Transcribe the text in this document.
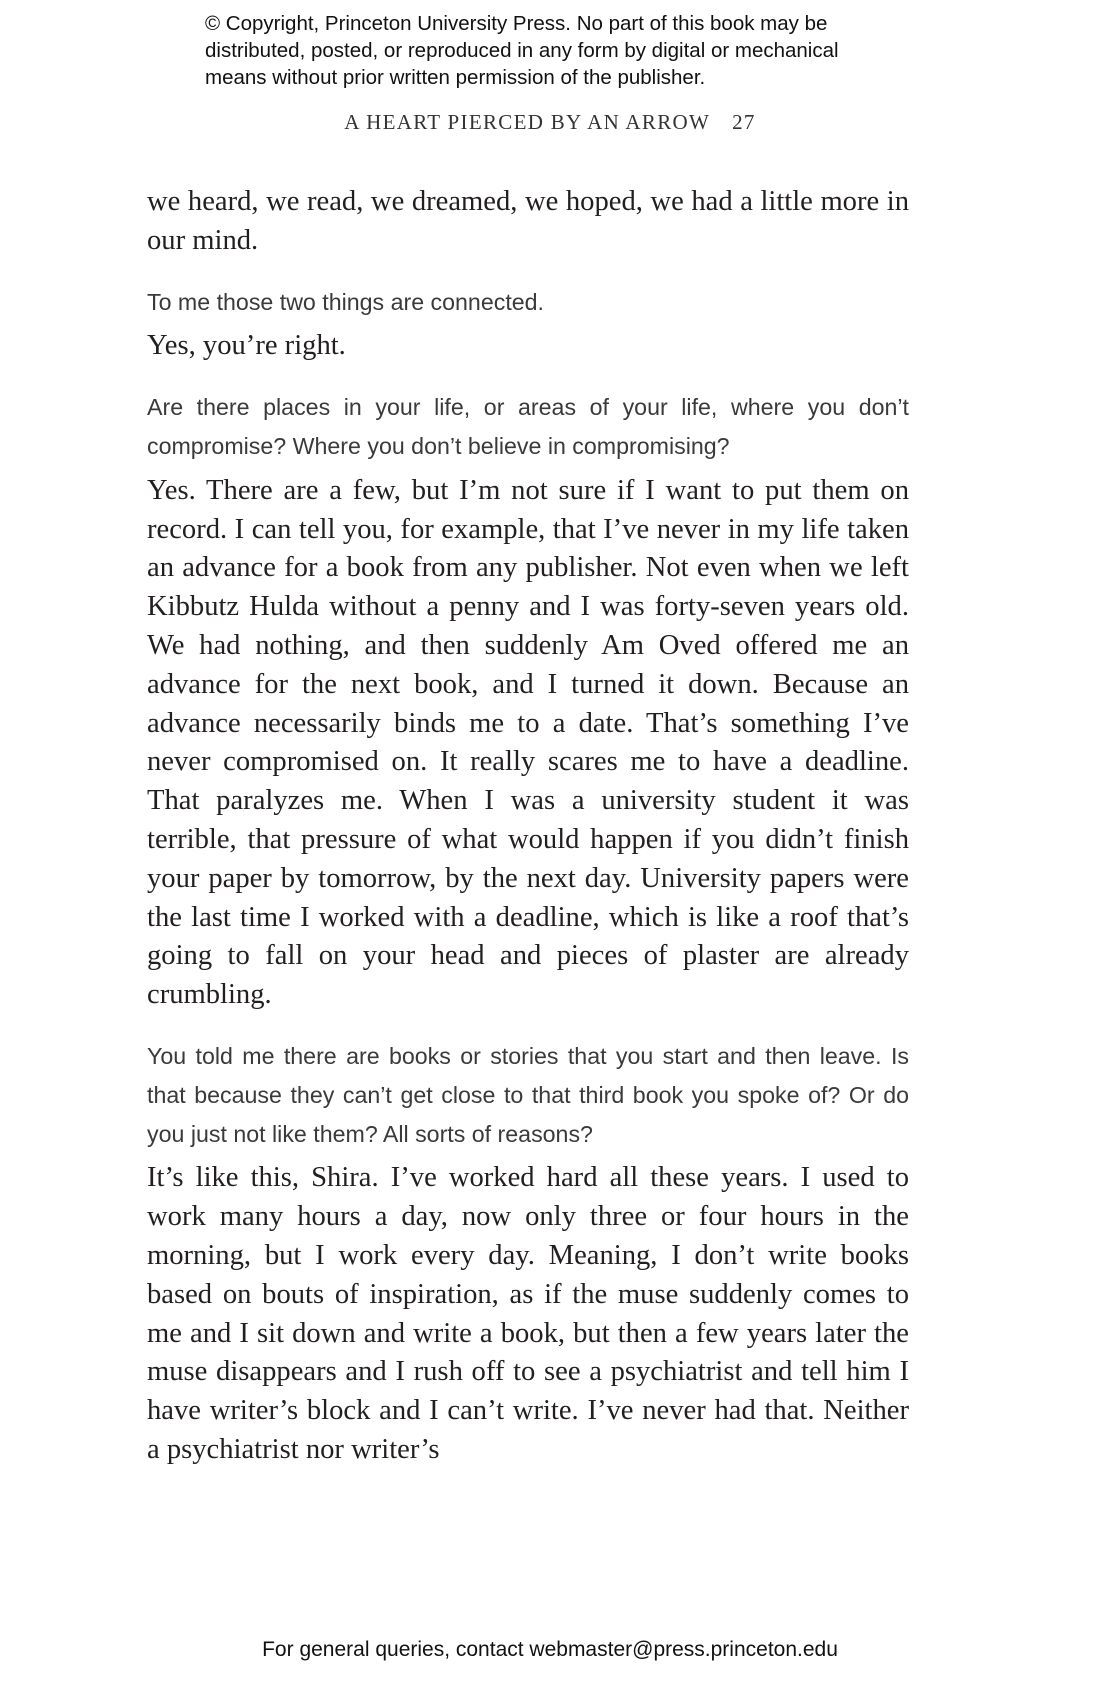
© Copyright, Princeton University Press. No part of this book may be
distributed, posted, or reproduced in any form by digital or mechanical
means without prior written permission of the publisher.
A HEART PIERCED BY AN ARROW 27

we heard, we read, we dreamed, we hoped, we had a little more in our mind.

To me those two things are connected.

Yes, you’re right.

Are there places in your life, or areas of your life, where you don’t compromise? Where you don’t believe in compromising?

Yes. There are a few, but I’m not sure if I want to put them on record. I can tell you, for example, that I’ve never in my life taken an advance for a book from any publisher. Not even when we left Kibbutz Hulda without a penny and I was forty-seven years old. We had nothing, and then suddenly Am Oved offered me an advance for the next book, and I turned it down. Because an advance necessarily binds me to a date. That’s something I’ve never compromised on. It really scares me to have a deadline. That paralyzes me. When I was a university student it was terrible, that pressure of what would happen if you didn’t finish your paper by tomorrow, by the next day. University papers were the last time I worked with a deadline, which is like a roof that’s going to fall on your head and pieces of plaster are already crumbling.

You told me there are books or stories that you start and then leave. Is that because they can’t get close to that third book you spoke of? Or do you just not like them? All sorts of reasons?

It’s like this, Shira. I’ve worked hard all these years. I used to work many hours a day, now only three or four hours in the morning, but I work every day. Meaning, I don’t write books based on bouts of inspiration, as if the muse suddenly comes to me and I sit down and write a book, but then a few years later the muse disappears and I rush off to see a psychiatrist and tell him I have writer’s block and I can’t write. I’ve never had that. Neither a psychiatrist nor writer’s

For general queries, contact webmaster@press.princeton.edu
